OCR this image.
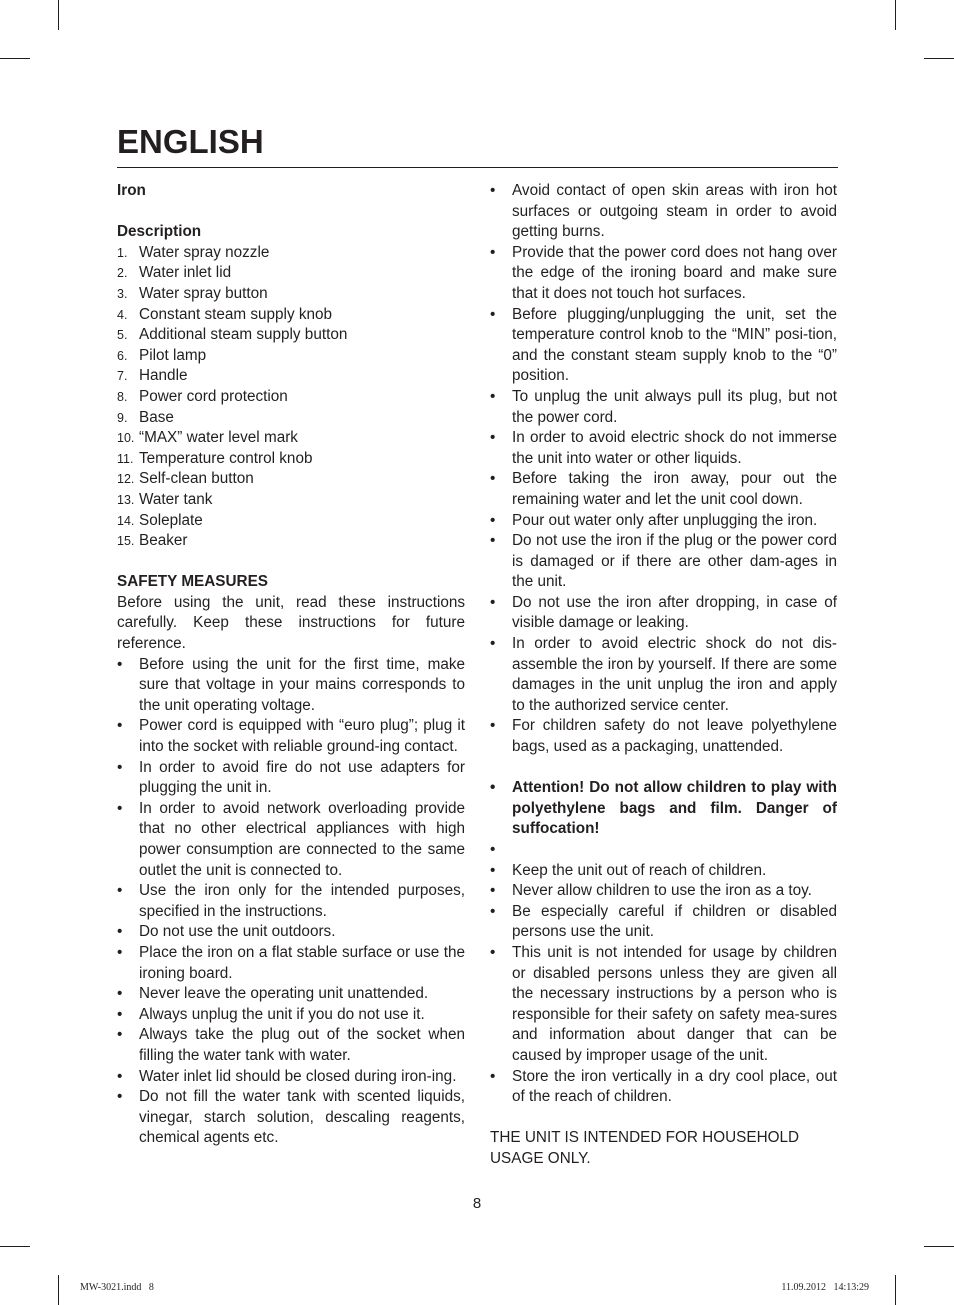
ENGLISH
Iron
Description
1. Water spray nozzle
2. Water inlet lid
3. Water spray button
4. Constant steam supply knob
5. Additional steam supply button
6. Pilot lamp
7. Handle
8. Power cord protection
9. Base
10. “MAX” water level mark
11. Temperature control knob
12. Self-clean button
13. Water tank
14. Soleplate
15. Beaker
SAFETY MEASURES

Before using the unit, read these instructions carefully. Keep these instructions for future reference.

•	Before using the unit for the first time, make sure that voltage in your mains corresponds to the unit operating voltage.
•	Power cord is equipped with “euro plug”; plug it into the socket with reliable ground-ing contact.
•	In order to avoid fire do not use adapters for plugging the unit in.
•	In order to avoid network overloading provide that no other electrical appliances with high power consumption are connected to the same outlet the unit is connected to.
•	Use the iron only for the intended purposes, specified in the instructions.
•	Do not use the unit outdoors.
•	Place the iron on a flat stable surface or use the ironing board.
•	Never leave the operating unit unattended.
•	Always unplug the unit if you do not use it.
•	Always take the plug out of the socket when filling the water tank with water.
•	Water inlet lid should be closed during iron-ing.
•	Do not fill the water tank with scented liquids, vinegar, starch solution, descaling reagents, chemical agents etc.
•	Avoid contact of open skin areas with iron hot surfaces or outgoing steam in order to avoid getting burns.
•	Provide that the power cord does not hang over the edge of the ironing board and make sure that it does not touch hot surfaces.
•	Before plugging/unplugging the unit, set the temperature control knob to the “MIN” posi-tion, and the constant steam supply knob to the “0” position.
•	To unplug the unit always pull its plug, but not the power cord.
•	In order to avoid electric shock do not immerse the unit into water or other liquids.
•	Before taking the iron away, pour out the remaining water and let the unit cool down.
•	Pour out water only after unplugging the iron.
•	Do not use the iron if the plug or the power cord is damaged or if there are other dam-ages in the unit.
•	Do not use the iron after dropping, in case of visible damage or leaking.
•	In order to avoid electric shock do not dis-assemble the iron by yourself. If there are some damages in the unit unplug the iron and apply to the authorized service center.
•	For children safety do not leave polyethylene bags, used as a packaging, unattended.
•	Attention! Do not allow children to play with polyethylene bags and film. Danger of suffocation!
•
•	Keep the unit out of reach of children.
•	Never allow children to use the iron as a toy.
•	Be especially careful if children or disabled persons use the unit.
•	This unit is not intended for usage by children or disabled persons unless they are given all the necessary instructions by a person who is responsible for their safety on safety mea-sures and information about danger that can be caused by improper usage of the unit.
•	Store the iron vertically in a dry cool place, out of the reach of children.
THE UNIT IS INTENDED FOR HOUSEHOLD
USAGE ONLY.
8
MW-3021.indd   8	11.09.2012   14:13:29
